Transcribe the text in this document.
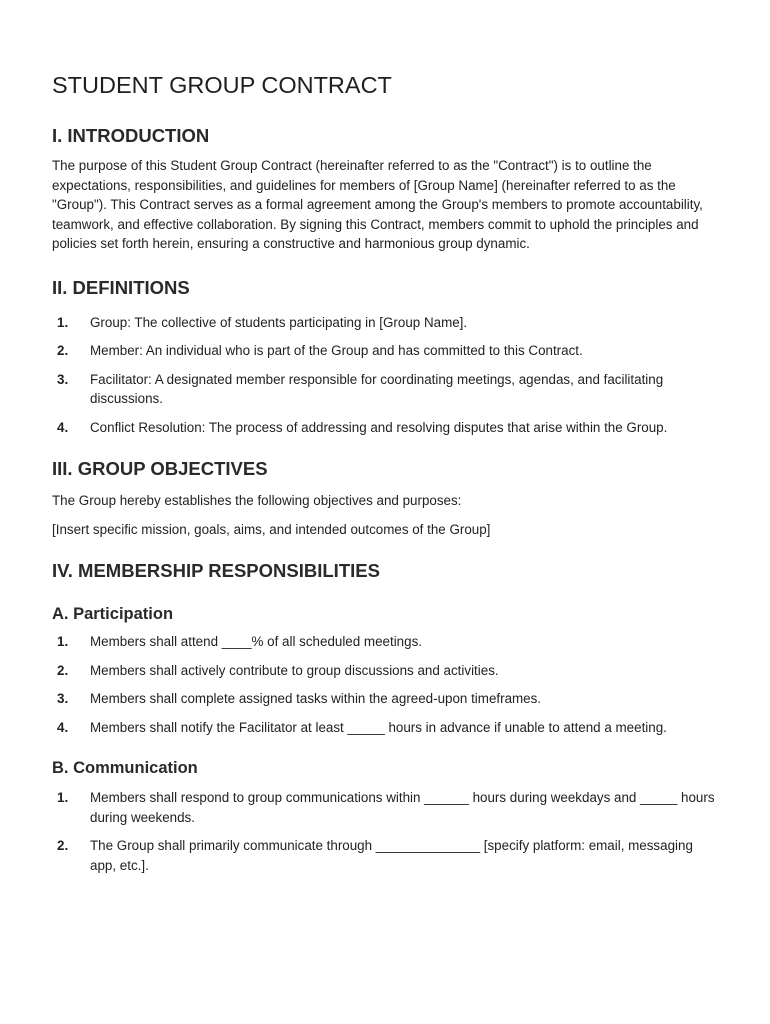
STUDENT GROUP CONTRACT
I. INTRODUCTION

The purpose of this Student Group Contract (hereinafter referred to as the "Contract") is to outline the expectations, responsibilities, and guidelines for members of [Group Name] (hereinafter referred to as the "Group"). This Contract serves as a formal agreement among the Group's members to promote accountability, teamwork, and effective collaboration. By signing this Contract, members commit to uphold the principles and policies set forth herein, ensuring a constructive and harmonious group dynamic.

II. DEFINITIONS
1. Group: The collective of students participating in [Group Name].
2. Member: An individual who is part of the Group and has committed to this Contract.
3. Facilitator: A designated member responsible for coordinating meetings, agendas, and facilitating discussions.
4. Conflict Resolution: The process of addressing and resolving disputes that arise within the Group.
III. GROUP OBJECTIVES

The Group hereby establishes the following objectives and purposes:

[Insert specific mission, goals, aims, and intended outcomes of the Group]

IV. MEMBERSHIP RESPONSIBILITIES
A. Participation
1. Members shall attend ____% of all scheduled meetings.
2. Members shall actively contribute to group discussions and activities.
3. Members shall complete assigned tasks within the agreed-upon timeframes.
4. Members shall notify the Facilitator at least _____ hours in advance if unable to attend a meeting.
B. Communication
1. Members shall respond to group communications within ______ hours during weekdays and _____ hours during weekends.
2. The Group shall primarily communicate through ______________ [specify platform: email, messaging app, etc.].
